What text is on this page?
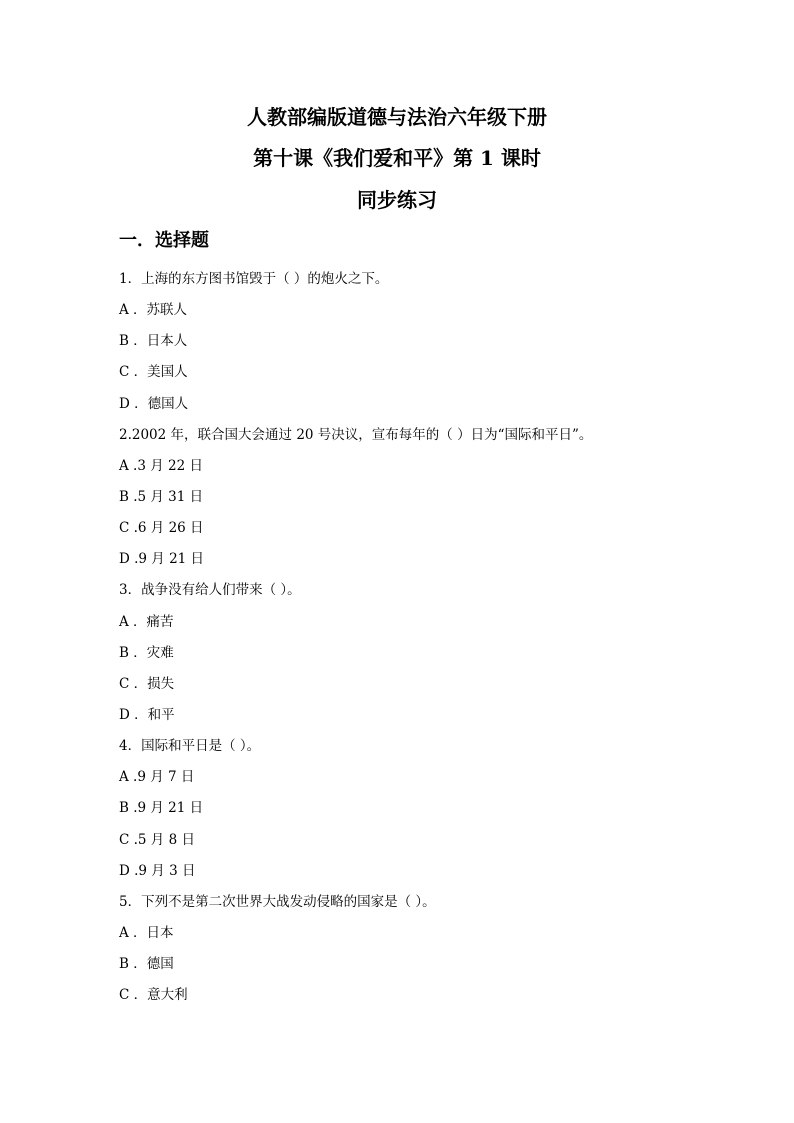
人教部编版道德与法治六年级下册
第十课《我们爱和平》第 1 课时
同步练习
一．选择题
1．上海的东方图书馆毁于（ ）的炮火之下。
A ．苏联人
B ．日本人
C ．美国人
D ．德国人
2.2002 年，联合国大会通过 20 号决议，宣布每年的（ ）日为“国际和平日”。
A .3 月 22 日
B .5 月 31 日
C .6 月 26 日
D .9 月 21 日
3．战争没有给人们带来（ ）。
A ．痛苦
B ．灾难
C ．损失
D ．和平
4．国际和平日是（ ）。
A .9 月 7 日
B .9 月 21 日
C .5 月 8 日
D .9 月 3 日
5．下列不是第二次世界大战发动侵略的国家是（ ）。
A ．日本
B ．德国
C ．意大利
